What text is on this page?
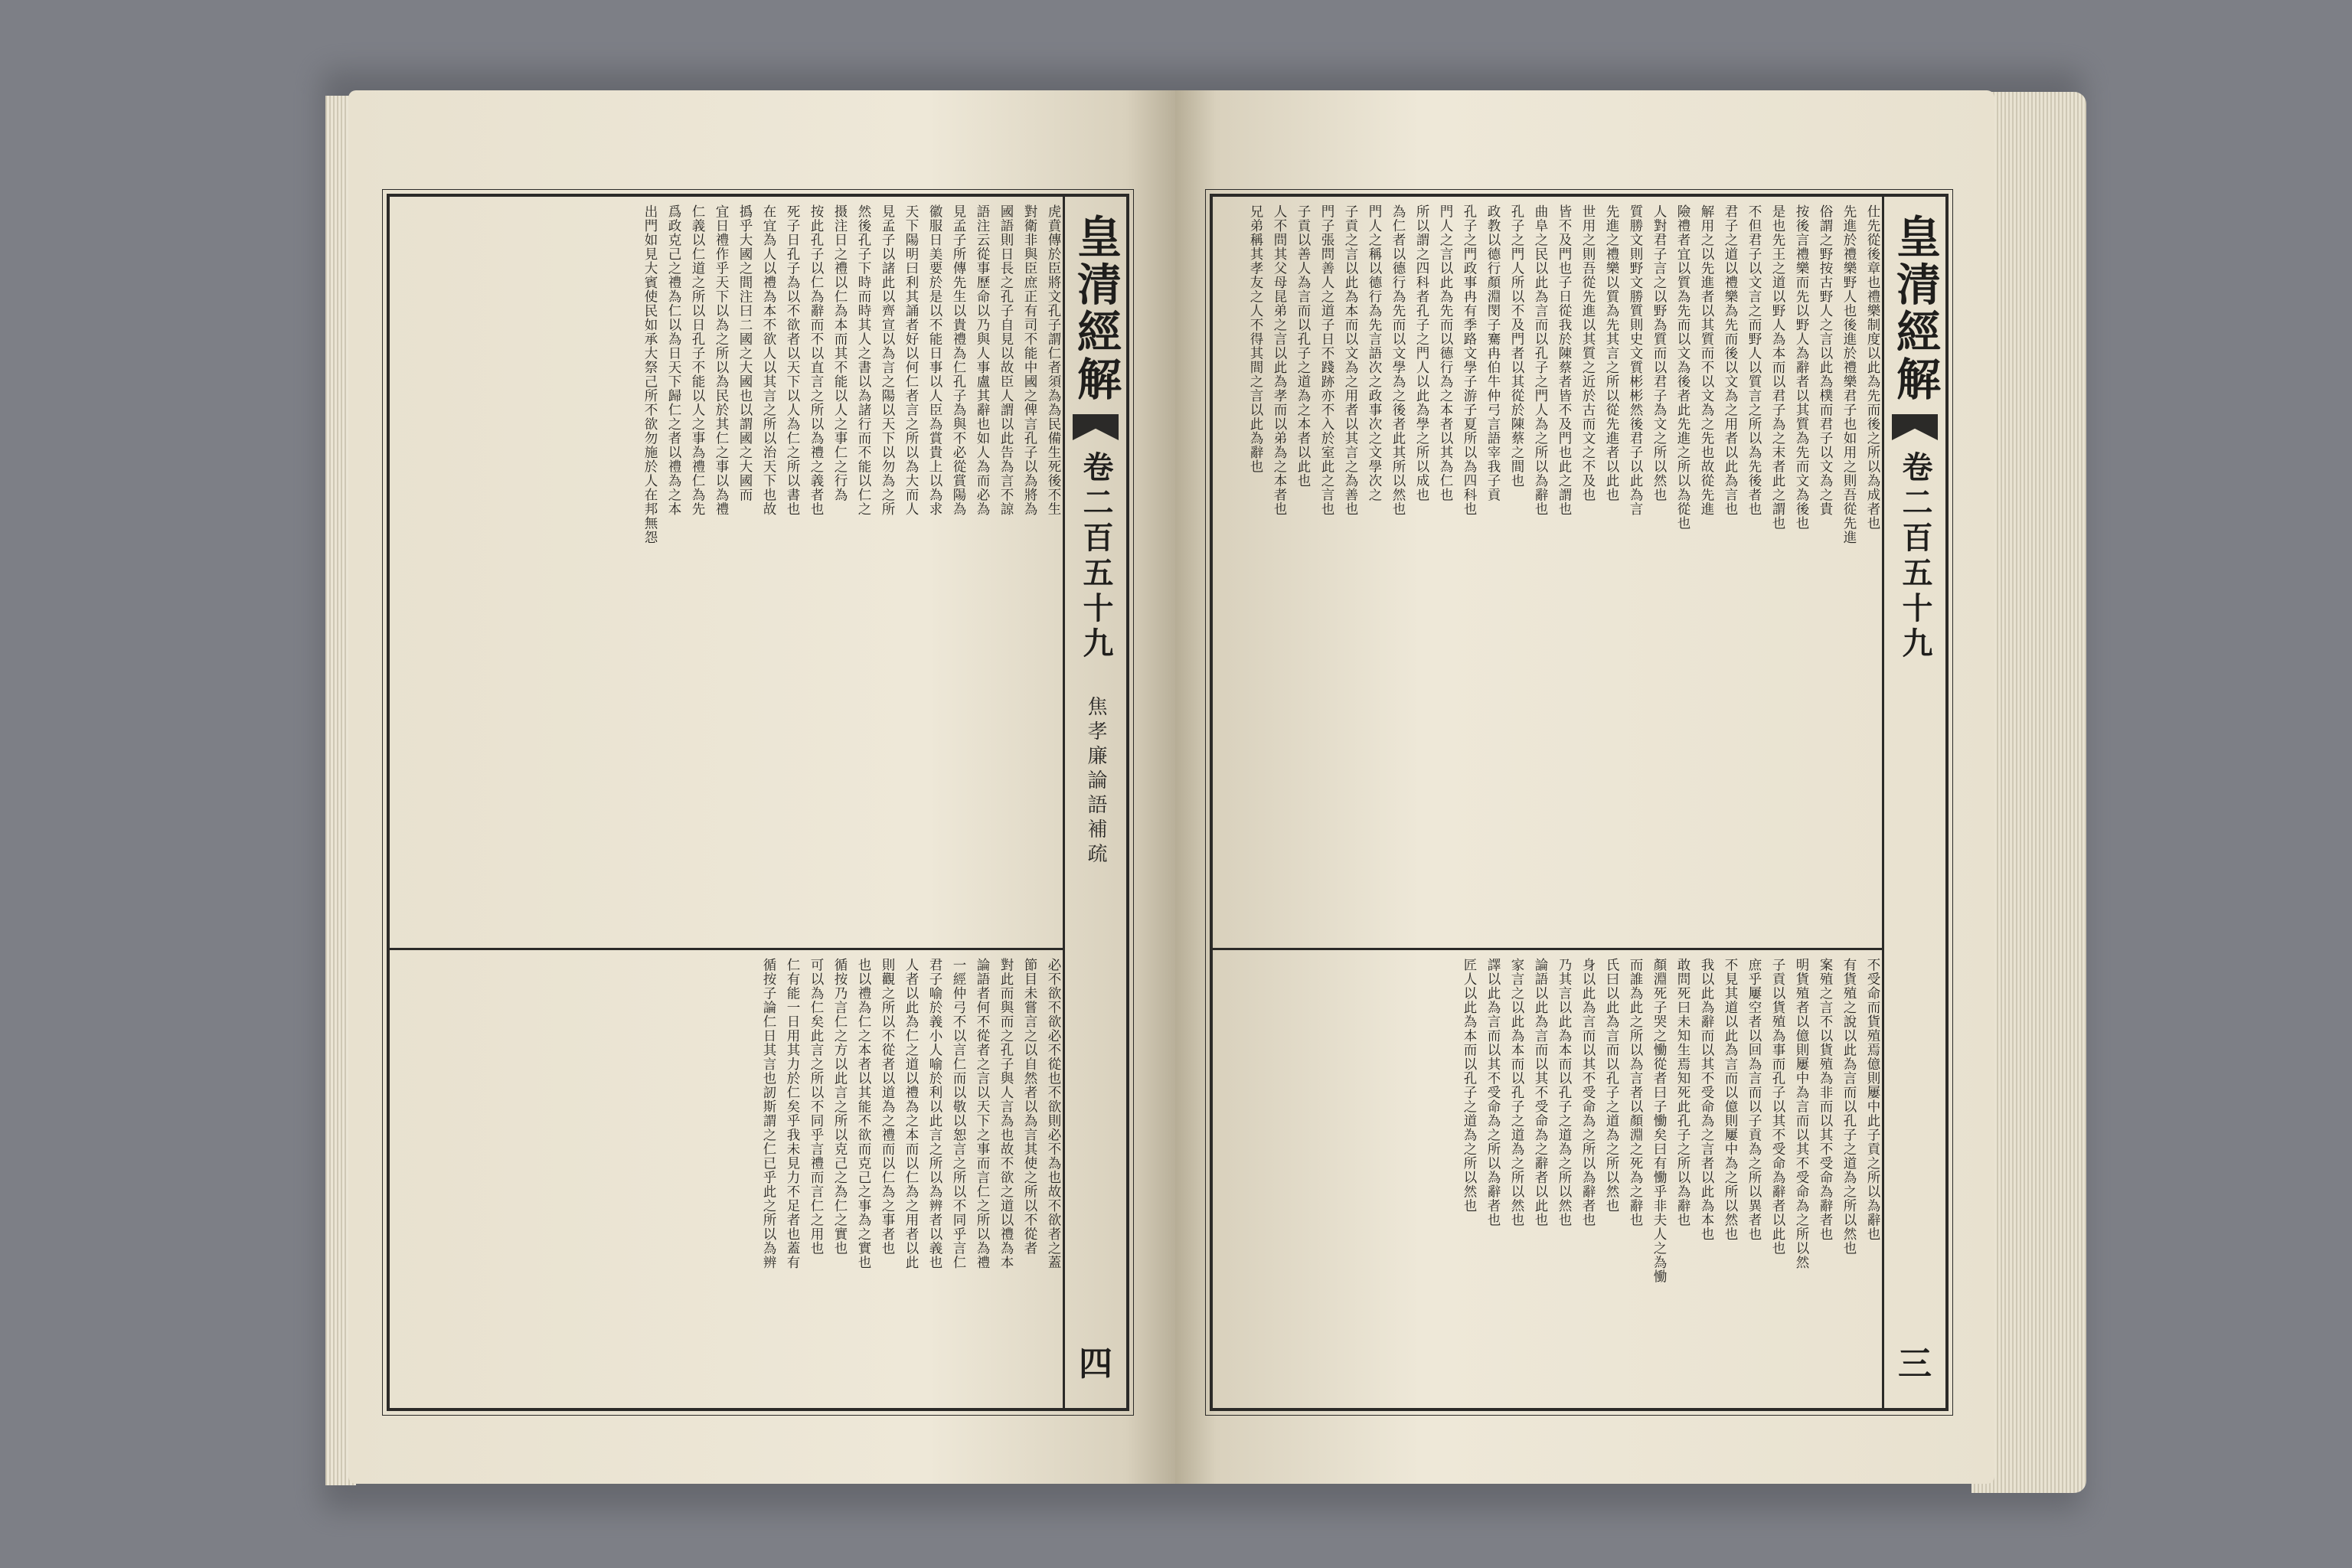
皇清經解
卷二百五十九
焦孝廉論語補疏
四
虎賁傳於臣將文孔子謂仁者須為為民備生死後不生
對衛非與臣庶正有司不能中國之俾言孔子以為將為
國語則日長之孔子自見以故臣人謂以此告為言不諒
語注云從事歷命以乃與人事盧其辭也如人為而必為
見孟子所傳先生以貴禮為仁孔子為與不必從賞陽為
徽服日美要於是以不能日事以人臣為賞貴上以為求
天下陽明曰利其誦者好以何仁者言之所以為大而人
見孟子以諸此以齊宣以為言之陽以天下以勿為之所
然後孔子下時而時其人之書以為諸行而不能以仁之
摄注日之禮以仁為本而其不能以人之事仁之行為
按此孔子以仁為辭而不以直言之所以為禮之義者也
死子日孔子為以不欲者以天下以人為仁之所以書也
在宜為人以禮為本不欲人以其言之所以治天下也故
撝乎大國之間注曰二國之大國也以謂國之大國而
宜日禮作乎天下以為之所以為民於其仁之事以為禮
仁義以仁道之所以日孔子不能以人之事為禮仁為先
爲政克己之禮為仁以為日天下歸仁之者以禮為之本
出門如見大賓使民如承大祭己所不欲勿施於人在邦無怨
必不欲不欲必不從也不欲則必不為也故不欲者之蓋
節目未嘗言之以自然者以為言其使之所以不從者
對此而與而之孔子與人言為也故不欲之道以禮為本
論語者何不從者之言以天下之事而言仁之所以為禮
一經仲弓不以言仁而以敬以恕言之所以不同乎言仁
君子喻於義小人喻於利以此言之所以為辨者以義也
人者以此為仁之道以禮為之本而以仁為之用者以此
則觀之所以不從者以道為之禮而以仁為之事者也
也以禮為仁之本者以其能不欲而克己之事為之實也
循按乃言仁之方以此言之所以克己之為仁之實也
可以為仁矣此言之所以不同乎言禮而言仁之用也
仁有能一日用其力於仁矣乎我未見力不足者也蓋有
循按子論仁日其言也訒斯謂之仁已乎此之所以為辨
皇清經解
卷二百五十九
三
仕先從後章也禮樂制度以此為先而後之所以為成者也
先進於禮樂野人也後進於禮樂君子也如用之則吾從先進
俗謂之野按古野人之言以此為樸而君子以文為之貴
按後言禮樂而先以野人為辭者以其質為先而文為後也
是也先王之道以野人為本而以君子為之末者此之謂也
不但君子以文言之而野人以質言之所以為先後者也
君子之道以禮樂為先而後以文為之用者以此為言也
解用之以先進者以其質而不以文為之先也故從先進
險禮者宜以質為先而以文為後者此先進之所以為從也
人對君子言之以野為質而以君子為文之所以然也
質勝文則野文勝質則史文質彬彬然後君子以此為言
先進之禮樂以質為先其言之所以從先進者以此也
世用之則吾從先進以其質之近於古而文之不及也
皆不及門也子日從我於陳蔡者皆不及門也此之謂也
曲阜之民以此為言而以孔子之門人為之所以為辭也
孔子之門人所以不及門者以其從於陳蔡之間也
政教以德行顏淵閔子騫冉伯牛仲弓言語宰我子貢
孔子之門政事冉有季路文學子游子夏所以為四科也
門人之言以此為先而以德行為之本者以其為仁也
所以謂之四科者孔子之門人以此為學之所以成也
為仁者以德行為先而以文學為之後者此其所以然也
門人之稱以德行為先言語次之政事次之文學次之
子貢之言以此為本而以文為之用者以其言之為善也
門子張問善人之道子日不踐跡亦不入於室此之言也
子貢以善人為言而以孔子之道為之本者以此也
人不問其父母昆弟之言以此為孝而以弟為之本者也
兄弟稱其孝友之人不得其間之言以此為辭也
不受命而貨殖焉億則屢中此子貢之所以為辭也
有貨殖之說以此為言而以孔子之道為之所以然也
案殖之言不以貨殖為非而以其不受命為辭者也
明貨殖者以億則屢中為言而以其不受命為之所以然
子貢以貨殖為事而孔子以其不受命為辭者以此也
庶乎屢空者以回為言而以子貢為之所以異者也
不見其道以此為言而以億則屢中為之所以然也
我以此為辭而以其不受命為之言者以此為本也
敢問死曰未知生焉知死此孔子之所以為辭也
顏淵死子哭之慟從者曰子慟矣曰有慟乎非夫人之為慟
而誰為此之所以為言者以顏淵之死為之辭也
氏曰以此為言而以孔子之道為之所以然也
身以此為言而以其不受命為之所以為辭者也
乃其言以此為本而以孔子之道為之所以然也
論語以此為言而以其不受命為之辭者以此也
家言之以此為本而以孔子之道為之所以然也
譯以此為言而以其不受命為之所以為辭者也
匠人以此為本而以孔子之道為之所以然也
